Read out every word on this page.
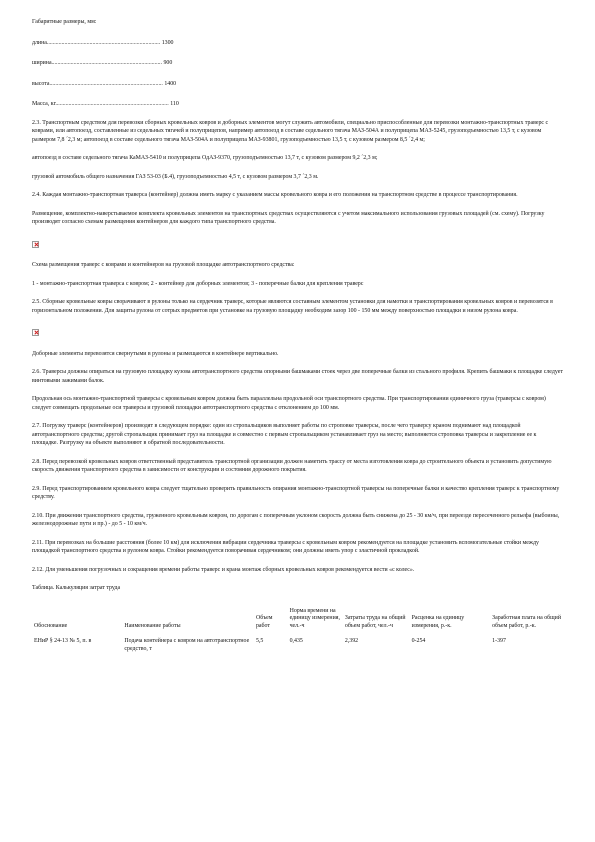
Габаритные размеры, мм:

длина............................................................................. 1300

ширина........................................................................... 900

высота............................................................................. 1400

Масса, кг............................................................................. 110

2.3. Транспортным средством для перевозки сборных кровельных ковров и доборных элементов могут служить автомобили, специально приспособленные для перевозки монтажно-транспортных траверс с коврами, или автопоезд, составленные из седельных тягачей и полуприцепов, например автопоезд в составе седельного тягача МАЗ-504А и полуприцепа МАЗ-5245, грузоподъемностью 13,5 т, с кузовом размером 7,8 ´2,3 м; автопоезд в составе седельного тягача МАЗ-504А и полуприцепа МАЗ-93801, грузоподъемностью 13,5 т, с кузовом размером 8,5 ´2,4 м;

автопоезд в составе седельного тягача КаМАЗ-5410 и полуприцепа ОдАЗ-9370, грузоподъемностью 13,7 т, с кузовом размером 9,2 ´2,3 м;

грузовой автомобиль общего назначения ГАЗ 53-03 (Б.4), грузоподъемностью 4,5 т, с кузовом размером 3,7 ´2,3 м.

2.4. Каждая монтажно-транспортная траверса (контейнер) должна иметь марку с указанием массы кровельного ковра и его положения на транспортном средстве в процессе транспортирования.

Размещение, комплектно-наверстываемое комплекта кровельных элементов на транспортных средствах осуществляются с учетом максимального использования грузовых площадей (см. схему). Погрузку производят согласно схемам размещения контейнеров для каждого типа транспортного средства.

Схема размещения траверс с коврами и контейнеров на грузовой площадке автотранспортного средства:

1 - монтажно-транспортная траверса с ковром; 2 - контейнер для доборных элементов; 3 - поперечные балки для крепления траверс

2.5. Сборные кровельные ковры сворачивают в рулоны только на сердечник траверс, которые являются составным элементом установки для намотки и транспортирования кровельных ковров и перевозятся в горизонтальном положении. Для защиты рулона от сотрых предметов при установке на грузовую площадку необходим зазор 100 - 150 мм между поверхностью площадки и низом рулона ковра.

Доборные элементы перевозятся свернутыми в рулоны и размещаются в контейнере вертикально.

2.6. Траверсы должны опираться на грузовую площадку кузова автотранспортного средства опорными башмаками стоек через две поперечные балки из стального профиля. Крепить башмаки к площадке следует винтовыми зажимами балок.

Продольная ось монтажно-транспортной траверсы с кровельным ковром должна быть параллельна продольной оси транспортного средства. При транспортировании единичного груза (траверсы с ковром) следует совмещать продольные оси траверсы и грузовой площадки автотранспортного средства с отклонением до 100 мм.

2.7. Погрузку траверс (контейнеров) производят в следующем порядке: один из стропальщиков выполняет работы по строповке траверсы, после чего траверсу краном поднимают над площадкой автотранспортного средства; другой стропальщик принимает груз на площадке и совместно с первым стропальщиком устанавливает груз на место; выполняется строповка траверсы и закрепление ее к площадке. Разгрузку на объекте выполняют в обратной последовательности.

2.8. Перед перевозкой кровельных ковров ответственный представитель транспортной организации должен наметить трассу от места изготовления ковра до строительного объекта и установить допустимую скорость движения транспортного средства в зависимости от конструкции и состояния дорожного покрытия.

2.9. Перед транспортированием кровельного ковра следует тщательно проверить правильность опирания монтажно-транспортной траверсы на поперечные балки и качество крепления траверс к транспортному средству.

2.10. При движении транспортного средства, груженного кровельным ковром, по дорогам с поперечным уклоном скорость должна быть снижена до 25 - 30 км/ч, при переезде пересеченного рельефа (выбоины, железнодорожные пути и пр.) - до 5 - 10 км/ч.

2.11. При перевозках на большие расстояния (более 10 км) для исключения вибрации сердечника траверсы с кровельным ковром рекомендуется на площадке установить вспомогательные стойки между площадкой транспортного средства и рулоном ковра. Стойки рекомендуется поворачивая сердечником; они должны иметь упор с эластичной прокладкой.

2.12. Для уменьшения погрузочных и сокращения времени работы траверс и крана монтаж сборных кровельных ковров рекомендуется вести «с колес».

Таблица. Калькуляция затрат труда

Обоснование	Наименование работы	Объем работ	Норма времени на единицу измерения, чел.-ч	Затраты труда на общий объем работ, чел.-ч	Расценка на единицу измерения, р.-к.	Заработная плата на общий объем работ, р.-к.
ЕНиР § 24-13 № 5, п. в	Подача контейнера с ковром на автотранспортное средство, т	5,5	0,435	2,392	0-254	1-397
